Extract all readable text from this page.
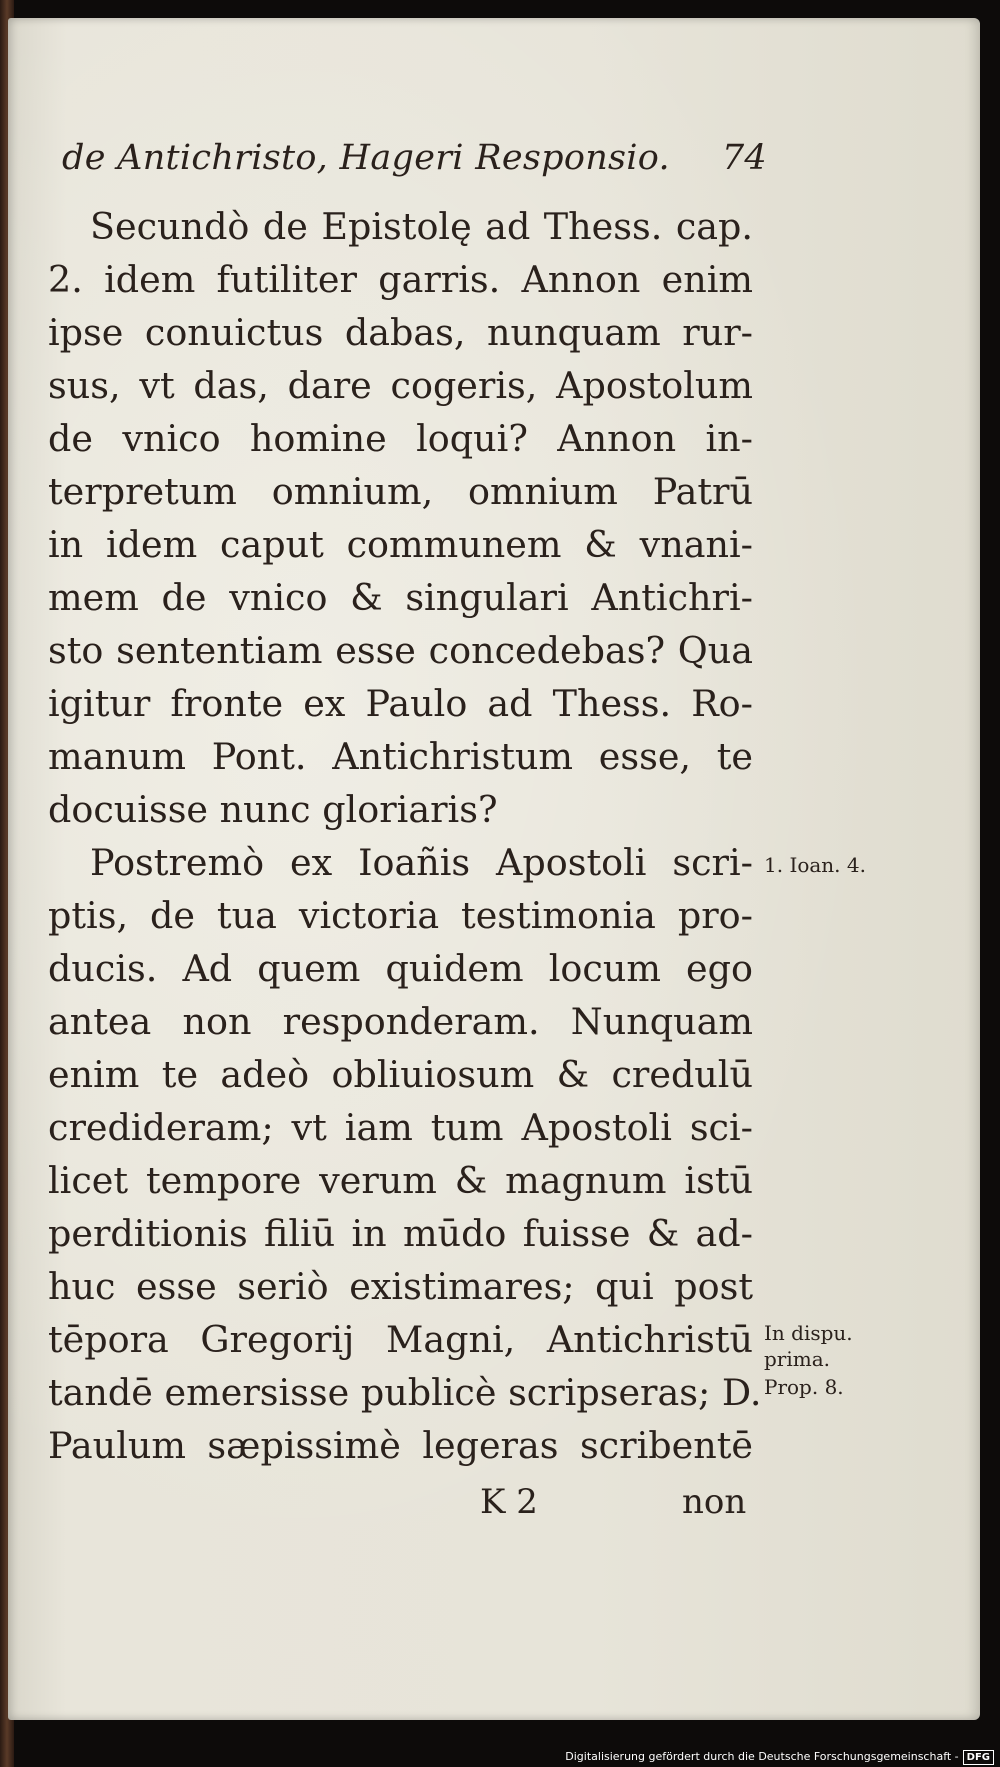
de Antichristo, Hageri Responsio. 74
Secundò de Epistolę ad Thess. cap.
2. idem futiliter garris. Annon enim
ipse conuictus dabas, nunquam rur-
sus, vt das, dare cogeris, Apostolum
de vnico homine loqui? Annon in-
terpretum omnium, omnium Patrū
in idem caput communem & vnani-
mem de vnico & singulari Antichri-
sto sententiam esse concedebas? Qua
igitur fronte ex Paulo ad Thess. Ro-
manum Pont. Antichristum esse, te
docuisse nunc gloriaris?
Postremò ex Ioañis Apostoli scri-
ptis, de tua victoria testimonia pro-
ducis. Ad quem quidem locum ego
antea non responderam. Nunquam
enim te adeò obliuiosum & credulū
credideram; vt iam tum Apostoli sci-
licet tempore verum & magnum istū
perditionis filiū in mūdo fuisse & ad-
huc esse seriò existimares; qui post
tēpora Gregorij Magni, Antichristū
tandē emersisse publicè scripseras; D.
Paulum sæpissimè legeras scribentē
1. Ioan. 4.
In dispu.
prima.
Prop. 8.
K 2	non
Digitalisierung gefördert durch die Deutsche Forschungsgemeinschaft - DFG
